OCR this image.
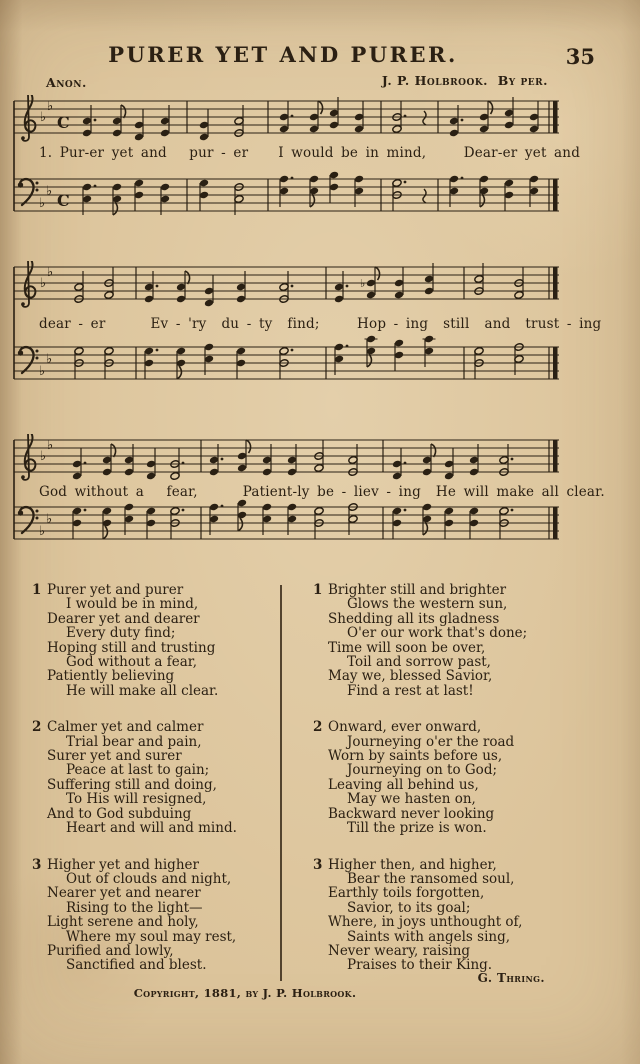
PURER YET AND PURER.	35
Anon.	J. P. Holbrook.  By per.
♭
♭
♭
♭
C
C
1. Pur-er yet and   pur - er    I would be in mind,     Dear-er yet and
♭
♭
♭
♭
♭
dear - er      Ev - 'ry  du - ty  find;     Hop - ing  still  and  trust - ing
♭
♭
♭
♭
God without a   fear,      Patient-ly be - liev - ing  He will make all clear.
1 Purer yet and purer
I would be in mind,
Dearer yet and dearer
Every duty find;
Hoping still and trusting
God without a fear,
Patiently believing
He will make all clear.
2 Calmer yet and calmer
Trial bear and pain,
Surer yet and surer
Peace at last to gain;
Suffering still and doing,
To His will resigned,
And to God subduing
Heart and will and mind.
3 Higher yet and higher
Out of clouds and night,
Nearer yet and nearer
Rising to the light—
Light serene and holy,
Where my soul may rest,
Purified and lowly,
Sanctified and blest.
1 Brighter still and brighter
Glows the western sun,
Shedding all its gladness
O'er our work that's done;
Time will soon be over,
Toil and sorrow past,
May we, blessed Savior,
Find a rest at last!
2 Onward, ever onward,
Journeying o'er the road
Worn by saints before us,
Journeying on to God;
Leaving all behind us,
May we hasten on,
Backward never looking
Till the prize is won.
3 Higher then, and higher,
Bear the ransomed soul,
Earthly toils forgotten,
Savior, to its goal;
Where, in joys unthought of,
Saints with angels sing,
Never weary, raising
Praises to their King.
G. Thring.
Copyright, 1881, by J. P. Holbrook.
